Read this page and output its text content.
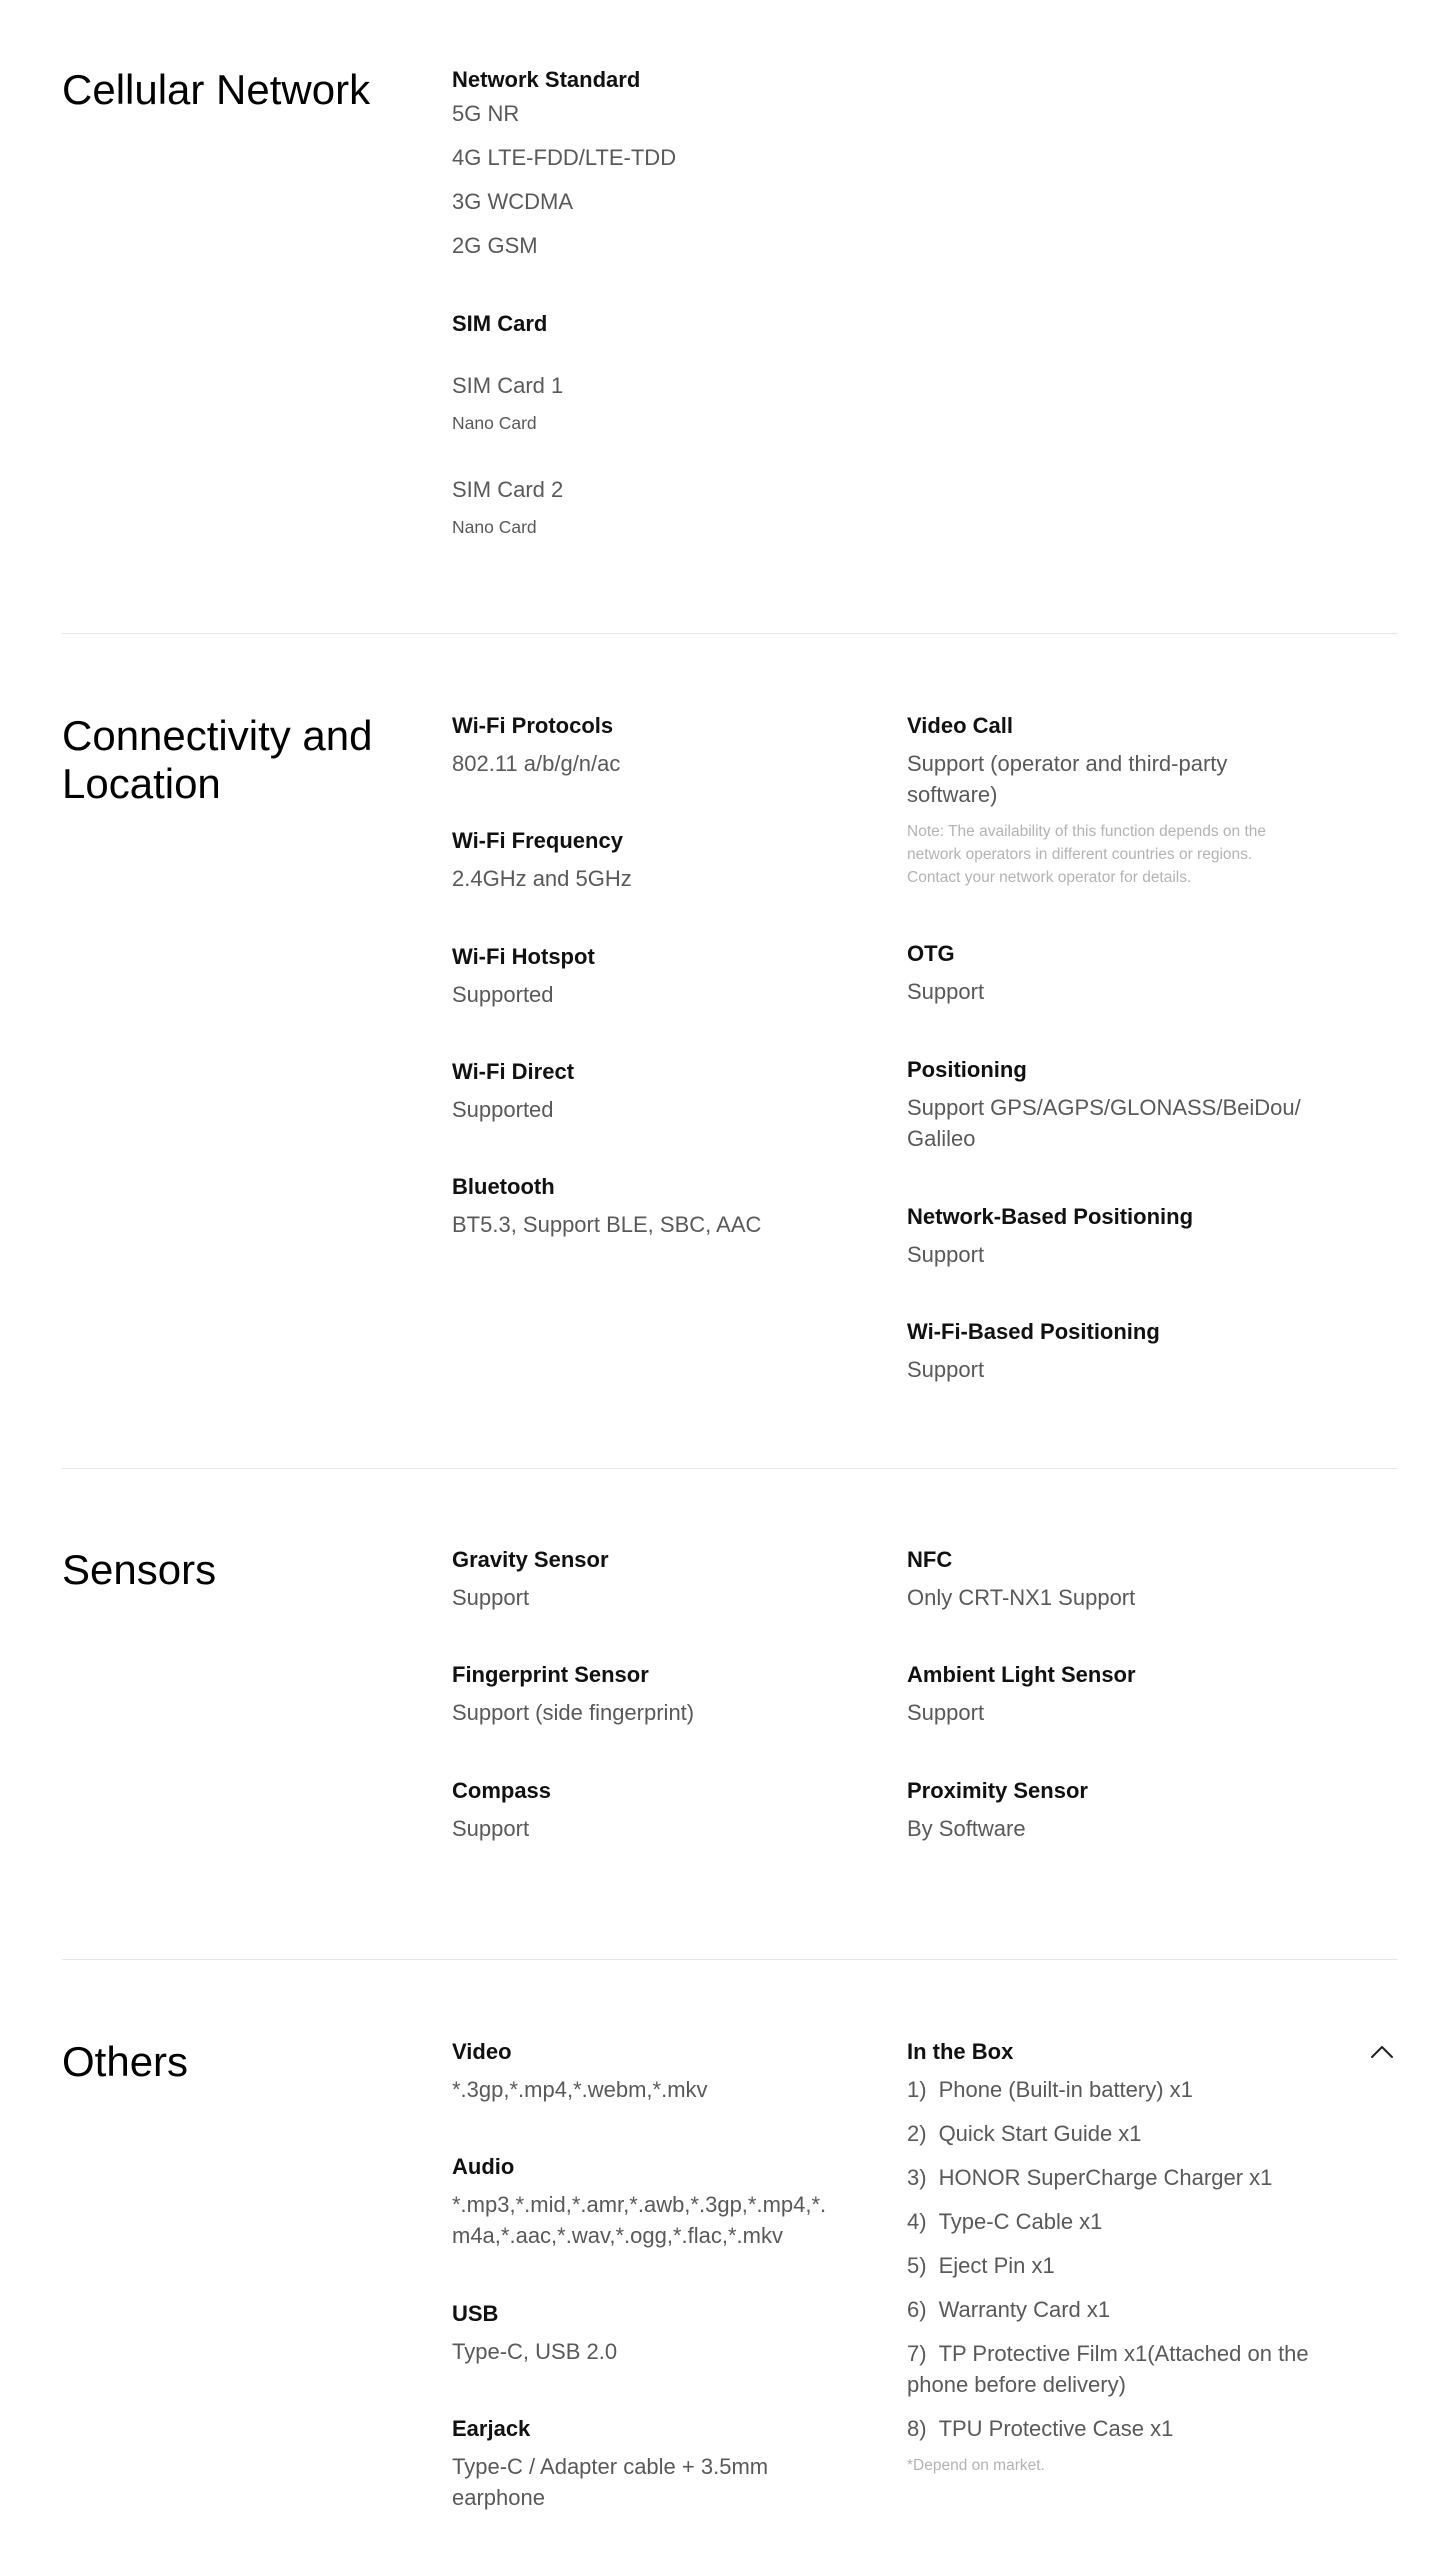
Cellular Network	Network Standard
5G NR
4G LTE-FDD/LTE-TDD
3G WCDMA
2G GSM
SIM Card
SIM Card 1
Nano Card
SIM Card 2
Nano Card
Connectivity and
Location
Wi-Fi Protocols
802.11 a/b/g/n/ac
Wi-Fi Frequency
2.4GHz and 5GHz
Wi-Fi Hotspot
Supported
Wi-Fi Direct
Supported
Bluetooth
BT5.3, Support BLE, SBC, AAC
Video Call
Support (operator and third-party
software)
Note: The availability of this function depends on the
network operators in different countries or regions.
Contact your network operator for details.
OTG
Support
Positioning
Support GPS/AGPS/GLONASS/BeiDou/
Galileo
Network-Based Positioning
Support
Wi-Fi-Based Positioning
Support
Sensors	Gravity Sensor
Support
Fingerprint Sensor
Support (side fingerprint)
Compass
Support
NFC
Only CRT-NX1 Support
Ambient Light Sensor
Support
Proximity Sensor
By Software
Others	Video
*.3gp,*.mp4,*.webm,*.mkv
Audio
*.mp3,*.mid,*.amr,*.awb,*.3gp,*.mp4,*.
m4a,*.aac,*.wav,*.ogg,*.flac,*.mkv
USB
Type-C, USB 2.0
Earjack
Type-C / Adapter cable + 3.5mm
earphone
In the Box
1) Phone (Built-in battery) x1
2) Quick Start Guide x1
3) HONOR SuperCharge Charger x1
4) Type-C Cable x1
5) Eject Pin x1
6) Warranty Card x1
7) TP Protective Film x1(Attached on the
phone before delivery)
8) TPU Protective Case x1
*Depend on market.
